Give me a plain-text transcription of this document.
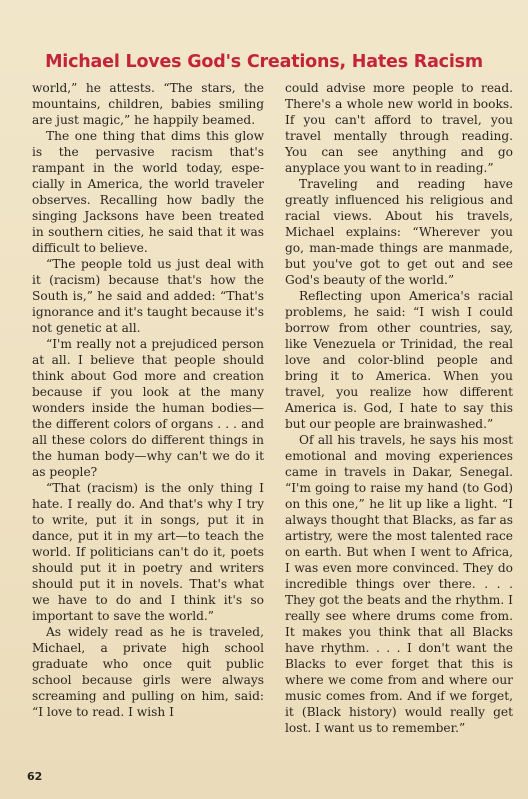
Michael Loves God's Creations, Hates Racism

world,” he attests. “The stars, the mountains, children, babies smiling are just magic,” he happily beamed.

The one thing that dims this glow is the pervasive racism that's rampant in the world today, especially in America, the world traveler observes. Recalling how badly the singing Jacksons have been treated in southern cities, he said that it was difficult to believe.

“The people told us just deal with it (racism) because that's how the South is,” he said and added: “That's ignorance and it's taught because it's not genetic at all.

“I'm really not a prejudiced person at all. I believe that people should think about God more and creation because if you look at the many wonders inside the human bodies—the different colors of organs . . . and all these colors do different things in the human body—why can't we do it as people?

“That (racism) is the only thing I hate. I really do. And that's why I try to write, put it in songs, put it in dance, put it in my art—to teach the world. If politicians can't do it, poets should put it in poetry and writers should put it in novels. That's what we have to do and I think it's so important to save the world.”

As widely read as he is traveled, Michael, a private high school graduate who once quit public school because girls were always screaming and pulling on him, said: “I love to read. I wish I

could advise more people to read. There's a whole new world in books. If you can't afford to travel, you travel mentally through reading. You can see anything and go anyplace you want to in reading.”

Traveling and reading have greatly influenced his religious and racial views. About his travels, Michael explains: “Wherever you go, man-made things are manmade, but you've got to get out and see God's beauty of the world.”

Reflecting upon America's racial problems, he said: “I wish I could borrow from other countries, say, like Venezuela or Trinidad, the real love and color-blind people and bring it to America. When you travel, you realize how different America is. God, I hate to say this but our people are brainwashed.”

Of all his travels, he says his most emotional and moving experiences came in travels in Dakar, Senegal. “I'm going to raise my hand (to God) on this one,” he lit up like a light. “I always thought that Blacks, as far as artistry, were the most talented race on earth. But when I went to Africa, I was even more convinced. They do incredible things over there. . . . They got the beats and the rhythm. I really see where drums come from. It makes you think that all Blacks have rhythm. . . . I don't want the Blacks to ever forget that this is where we come from and where our music comes from. And if we forget, it (Black history) would really get lost. I want us to remember.”

62
